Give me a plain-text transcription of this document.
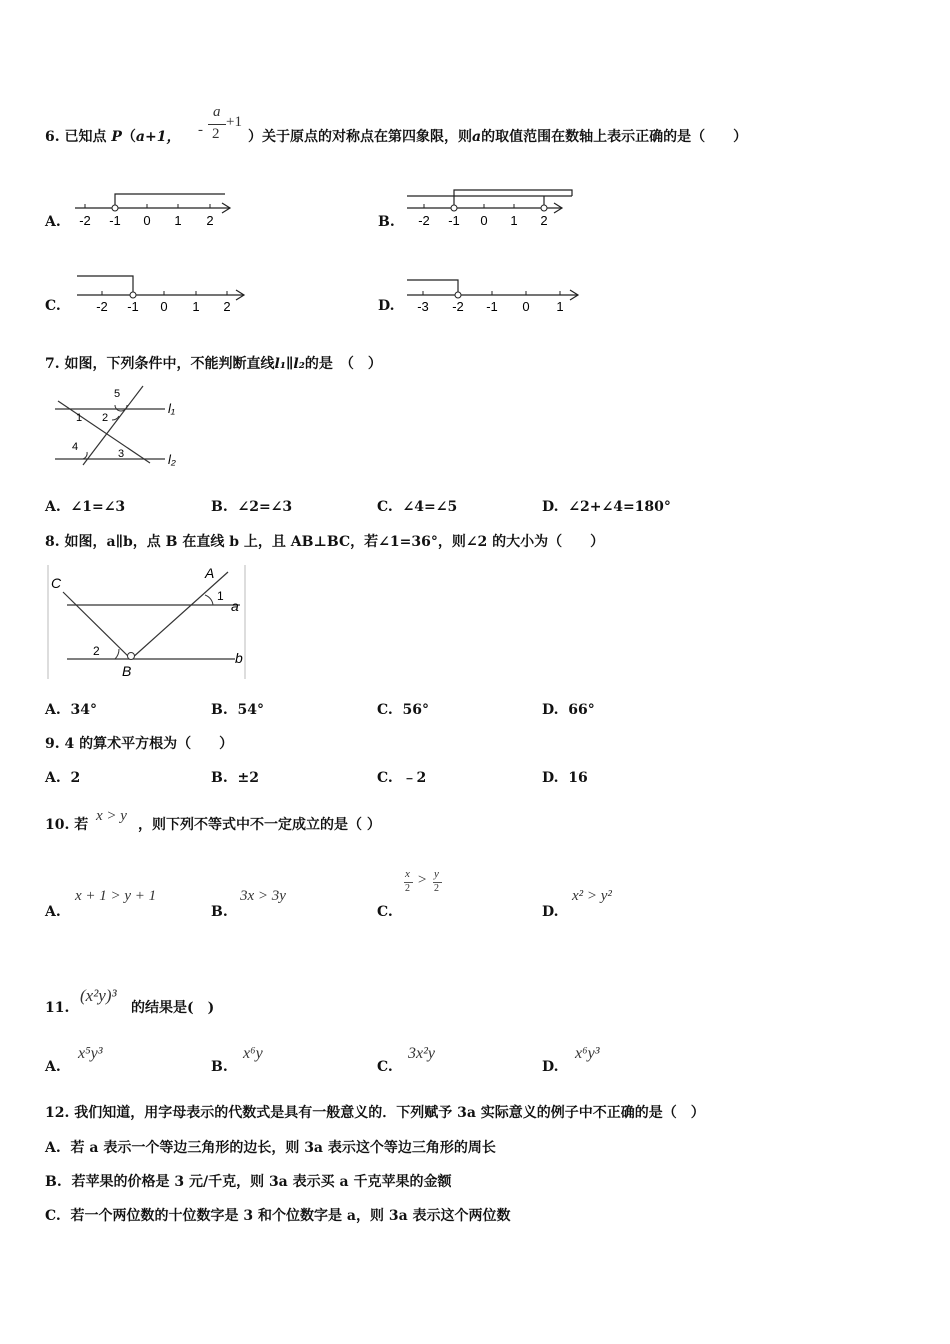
6. 已知点 P（a+1， -
a
2
+1
）关于原点的对称点在第四象限，则a的取值范围在数轴上表示正确的是（　　）
A. -2 -1 0 1 2	B. -2 -1 0 1 2
C.	-2 -1 0 1 2	D. -3 -2 -1 0 1
7. 如图，下列条件中，不能判断直线l₁∥l₂的是　（　）
1 2
3
4
5
l₁
l₂
A. ∠1=∠3	B. ∠2=∠3	C. ∠4=∠5	D. ∠2+∠4=180°
8. 如图，a∥b，点 B 在直线 b 上，且 AB⊥BC，若∠1=36°，则∠2 的大小为（　　）
C
A
1
a
2
B
b
A. 34°	B. 54°	C. 56°	D. 66°
9. 4 的算术平方根为（　　）
A. 2	B. ±2	C. ﹣2	D. 16
10. 若
x > y
，则下列不等式中不一定成立的是（ ）
A.
x + 1 > y + 1
B.
3x > 3y
C.
x
2
> y
2
D.
x² > y²
11.
(x²y)³
的结果是(　)
A.
x⁵y³
B.
x⁶y
C.
3x²y
D.
x⁶y³
12. 我们知道，用字母表示的代数式是具有一般意义的．下列赋予 3a 实际意义的例子中不正确的是（　）
A. 若 a 表示一个等边三角形的边长，则 3a 表示这个等边三角形的周长
B. 若苹果的价格是 3 元/千克，则 3a 表示买 a 千克苹果的金额
C. 若一个两位数的十位数字是 3 和个位数字是 a，则 3a 表示这个两位数
